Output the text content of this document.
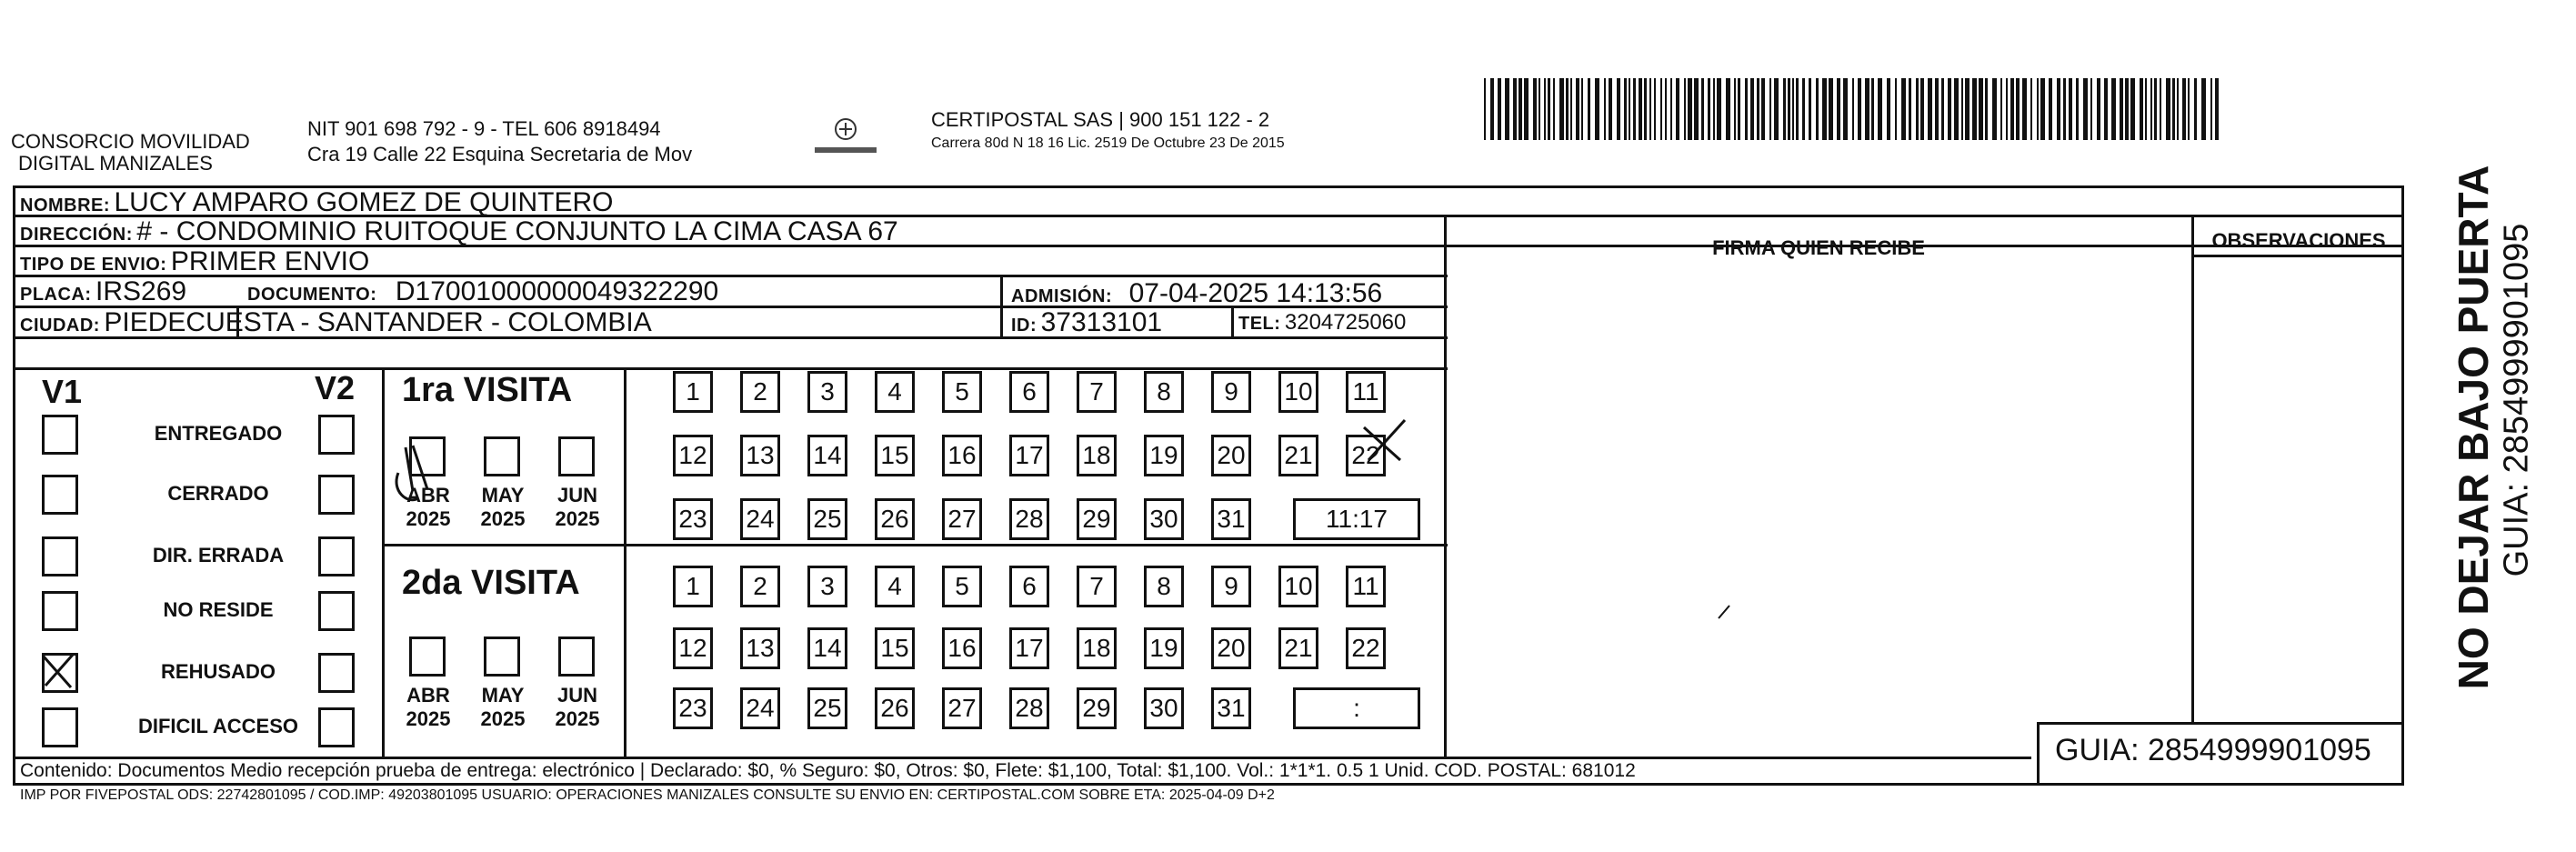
CONSORCIO MOVILIDAD
DIGITAL MANIZALES
NIT 901 698 792 - 9 - TEL 606 8918494
Cra 19 Calle 22 Esquina Secretaria de Mov
CERTIPOSTAL SAS | 900 151 122 - 2
Carrera 80d N 18 16 Lic. 2519 De Octubre 23 De 2015
NOMBRE: LUCY AMPARO GOMEZ DE QUINTERO
DIRECCIÓN: # - CONDOMINIO RUITOQUE CONJUNTO LA CIMA CASA 67
TIPO DE ENVIO: PRIMER ENVIO
PLACA: IRS269	DOCUMENTO: D17001000000049322290	ADMISIÓN: 07-04-2025 14:13:56
CIUDAD: PIEDECUESTA - SANTANDER - COLOMBIA	ID: 37313101	TEL: 3204725060
FIRMA QUIEN RECIBE	OBSERVACIONES
V1	V2
ENTREGADO
CERRADO
DIR. ERRADA
NO RESIDE
REHUSADO
DIFICIL ACCESO
1ra VISITA
2da VISITA
ABR
2025
MAY
2025
JUN
2025
ABR
2025
MAY
2025
JUN
2025
1	2	3	4	5	6	7	8	9	10 11
12 13 14 15 16 17 18 19 20 21 22
23 24 25 26 27 28 29 30 31	11:17
1	2	3	4	5	6	7	8	9	10 11
12 13 14 15 16 17 18 19 20 21 22
23 24 25 26 27 28 29 30 31	:
Contenido: Documentos Medio recepción prueba de entrega: electrónico | Declarado: $0, % Seguro: $0, Otros: $0, Flete: $1,100, Total: $1,100. Vol.: 1*1*1. 0.5 1 Unid. COD. POSTAL: 681012
IMP POR FIVEPOSTAL ODS: 22742801095 / COD.IMP: 49203801095 USUARIO: OPERACIONES MANIZALES CONSULTE SU ENVIO EN: CERTIPOSTAL.COM SOBRE ETA: 2025-04-09 D+2
GUIA: 2854999901095
NO DEJAR BAJO PUERTA GUIA: 2854999901095
